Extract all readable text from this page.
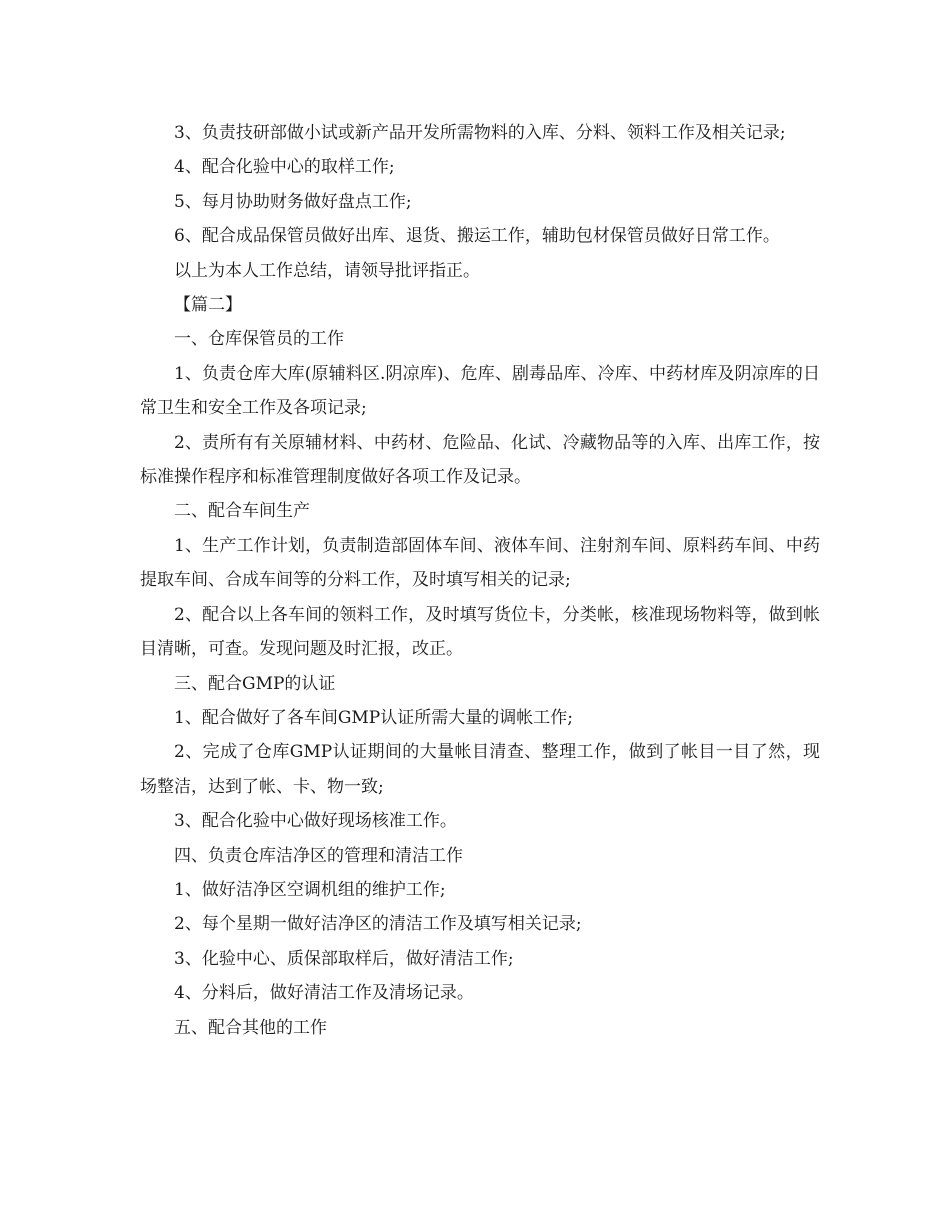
3、负责技研部做小试或新产品开发所需物料的入库、分料、领料工作及相关记录;

4、配合化验中心的取样工作;

5、每月协助财务做好盘点工作;

6、配合成品保管员做好出库、退货、搬运工作，辅助包材保管员做好日常工作。

以上为本人工作总结，请领导批评指正。

【篇二】

一、仓库保管员的工作

1、负责仓库大库(原辅料区.阴凉库)、危库、剧毒品库、冷库、中药材库及阴凉库的日常卫生和安全工作及各项记录;

2、责所有有关原辅材料、中药材、危险品、化试、冷藏物品等的入库、出库工作，按标准操作程序和标准管理制度做好各项工作及记录。

二、配合车间生产

1、生产工作计划，负责制造部固体车间、液体车间、注射剂车间、原料药车间、中药提取车间、合成车间等的分料工作，及时填写相关的记录;

2、配合以上各车间的领料工作，及时填写货位卡，分类帐，核准现场物料等，做到帐目清晰，可查。发现问题及时汇报，改正。

三、配合GMP的认证

1、配合做好了各车间GMP认证所需大量的调帐工作;

2、完成了仓库GMP认证期间的大量帐目清查、整理工作，做到了帐目一目了然，现场整洁，达到了帐、卡、物一致;

3、配合化验中心做好现场核准工作。

四、负责仓库洁净区的管理和清洁工作

1、做好洁净区空调机组的维护工作;

2、每个星期一做好洁净区的清洁工作及填写相关记录;

3、化验中心、质保部取样后，做好清洁工作;

4、分料后，做好清洁工作及清场记录。

五、配合其他的工作
